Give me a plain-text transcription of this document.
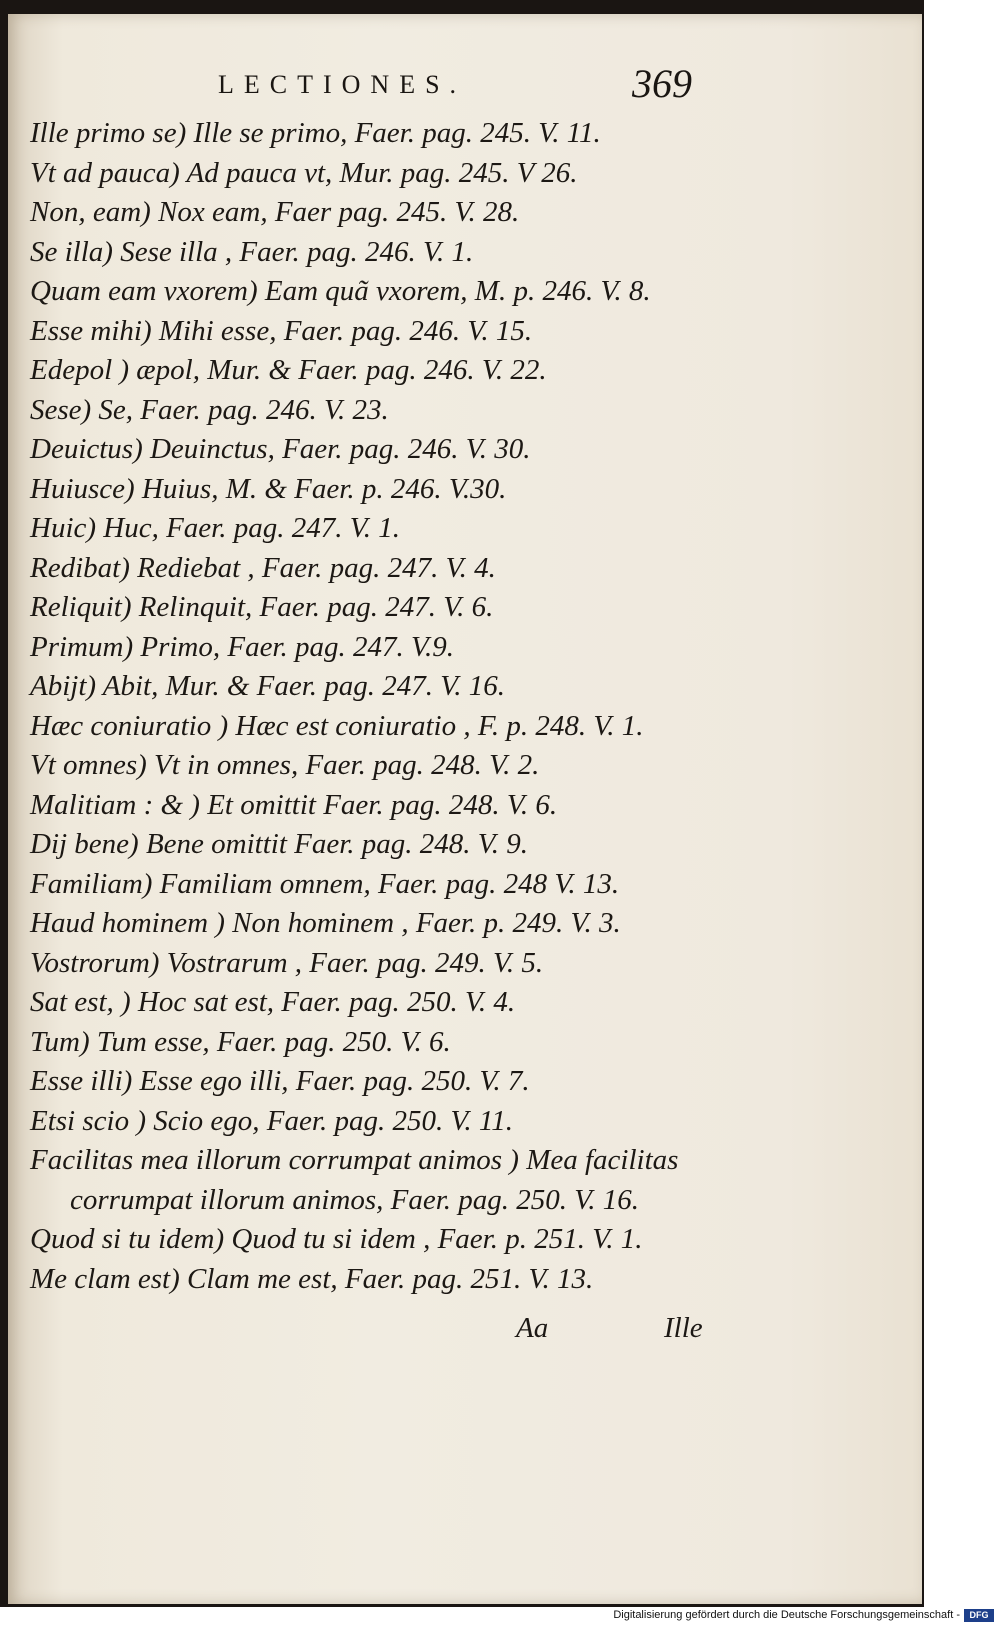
LECTIONES.	369
Ille primo se) Ille se primo, Faer. pag. 245. V. 11.
Vt ad pauca) Ad pauca vt, Mur. pag. 245. V 26.
Non, eam) Nox eam, Faer pag. 245. V. 28.
Se illa) Sese illa , Faer. pag. 246. V. 1.
Quam eam vxorem) Eam quã vxorem, M. p. 246. V. 8.
Esse mihi) Mihi esse, Faer. pag. 246. V. 15.
Edepol ) æpol, Mur. & Faer. pag. 246. V. 22.
Sese) Se, Faer. pag. 246. V. 23.
Deuictus) Deuinctus, Faer. pag. 246. V. 30.
Huiusce) Huius, M. & Faer. p. 246. V.30.
Huic) Huc, Faer. pag. 247. V. 1.
Redibat) Rediebat , Faer. pag. 247. V. 4.
Reliquit) Relinquit, Faer. pag. 247. V. 6.
Primum) Primo, Faer. pag. 247. V.9.
Abijt) Abit, Mur. & Faer. pag. 247. V. 16.
Hæc coniuratio ) Hæc est coniuratio , F. p. 248. V. 1.
Vt omnes) Vt in omnes, Faer. pag. 248. V. 2.
Malitiam : & ) Et omittit Faer. pag. 248. V. 6.
Dij bene) Bene omittit Faer. pag. 248. V. 9.
Familiam) Familiam omnem, Faer. pag. 248 V. 13.
Haud hominem ) Non hominem , Faer. p. 249. V. 3.
Vostrorum) Vostrarum , Faer. pag. 249. V. 5.
Sat est, ) Hoc sat est, Faer. pag. 250. V. 4.
Tum) Tum esse, Faer. pag. 250. V. 6.
Esse illi) Esse ego illi, Faer. pag. 250. V. 7.
Etsi scio ) Scio ego, Faer. pag. 250. V. 11.
Facilitas mea illorum corrumpat animos ) Mea facilitas
corrumpat illorum animos, Faer. pag. 250. V. 16.
Quod si tu idem) Quod tu si idem , Faer. p. 251. V. 1.
Me clam est) Clam me est, Faer. pag. 251. V. 13.
Aa	Ille
Digitalisierung gefördert durch die Deutsche Forschungsgemeinschaft -	DFG
